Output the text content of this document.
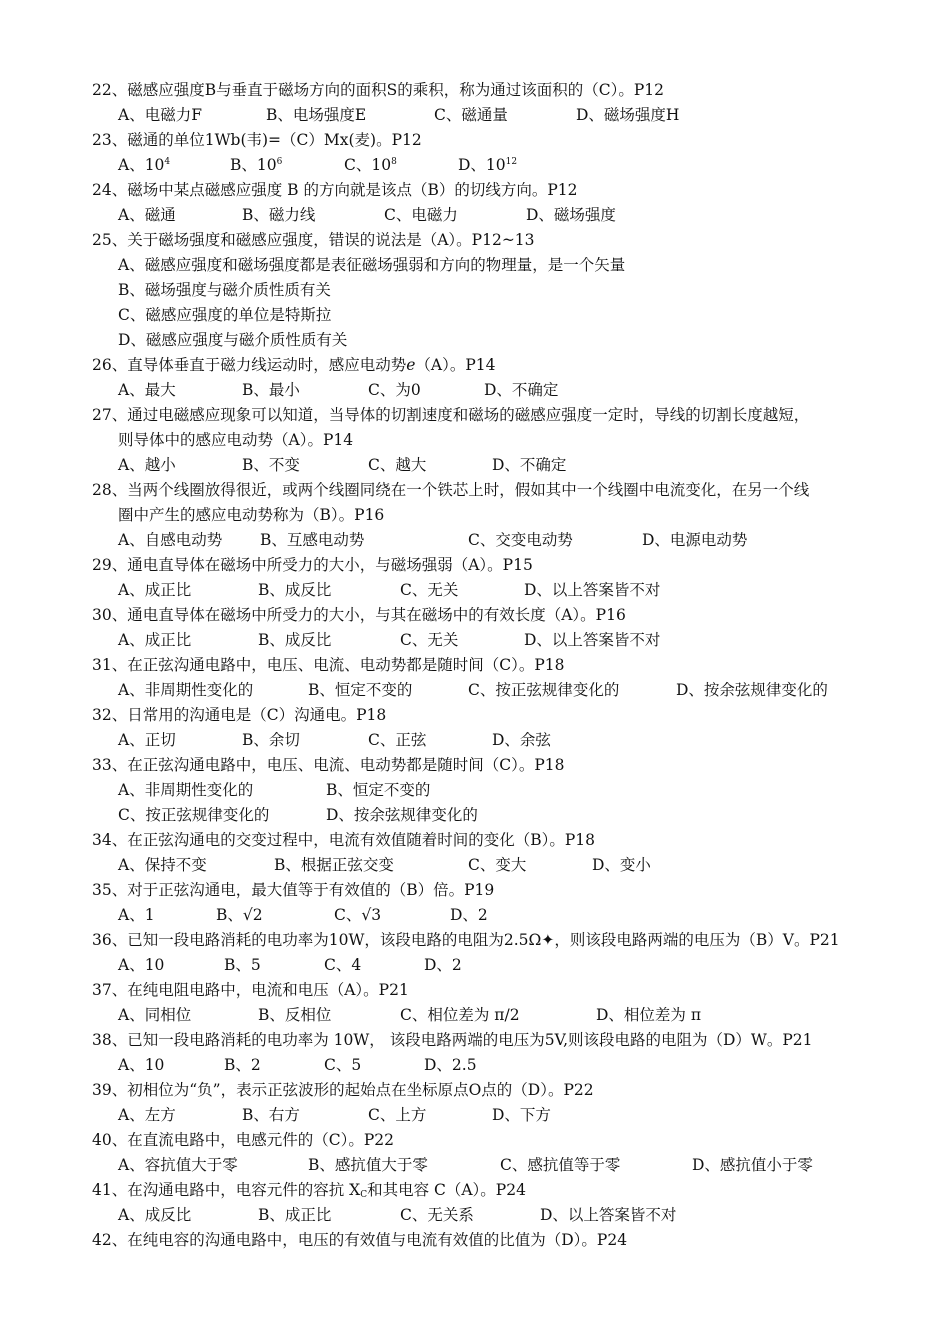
22、磁感应强度B与垂直于磁场方向的面积S的乘积，称为通过该面积的（C）。P12
A、电磁力F	B、电场强度E	C、磁通量	D、磁场强度H
23、磁通的单位1Wb(韦)=（C）Mx(麦)。P12
A、$10^4$	B、$10^6$	C、$10^8$	D、$10^{12}$
24、磁场中某点磁感应强度 B 的方向就是该点（B）的切线方向。P12
A、磁通	B、磁力线	C、电磁力	D、磁场强度
25、关于磁场强度和磁感应强度，错误的说法是（A）。P12~13
A、磁感应强度和磁场强度都是表征磁场强弱和方向的物理量，是一个矢量
B、磁场强度与磁介质性质有关
C、磁感应强度的单位是特斯拉
D、磁感应强度与磁介质性质有关
26、直导体垂直于磁力线运动时，感应电动势e（A）。P14
A、最大	B、最小	C、为0	D、不确定
27、通过电磁感应现象可以知道，当导体的切割速度和磁场的磁感应强度一定时，导线的切割长度越短，
则导体中的感应电动势（A）。P14
A、越小	B、不变	C、越大	D、不确定
28、当两个线圈放得很近，或两个线圈同绕在一个铁芯上时，假如其中一个线圈中电流变化，在另一个线
圈中产生的感应电动势称为（B）。P16
A、自感电动势 B、互感电动势	C、交变电动势	D、电源电动势
29、通电直导体在磁场中所受力的大小，与磁场强弱（A）。P15
A、成正比	B、成反比	C、无关	D、以上答案皆不对
30、通电直导体在磁场中所受力的大小，与其在磁场中的有效长度（A）。P16
A、成正比	B、成反比	C、无关	D、以上答案皆不对
31、在正弦沟通电路中，电压、电流、电动势都是随时间（C）。P18
A、非周期性变化的	B、恒定不变的	C、按正弦规律变化的	D、按余弦规律变化的
32、日常用的沟通电是（C）沟通电。P18
A、正切	B、余切	C、正弦	D、余弦
33、在正弦沟通电路中，电压、电流、电动势都是随时间（C）。P18
A、非周期性变化的	B、恒定不变的
C、按正弦规律变化的	D、按余弦规律变化的
34、在正弦沟通电的交变过程中，电流有效值随着时间的变化（B）。P18
A、保持不变	B、根据正弦交变	C、变大	D、变小
35、对于正弦沟通电，最大值等于有效值的（B）倍。P19
A、1	B、√2	C、√3	D、2
36、已知一段电路消耗的电功率为10W，该段电路的电阻为2.5Ω✦，则该段电路两端的电压为（B）V。P21
A、10	B、5	C、4	D、2
37、在纯电阻电路中，电流和电压（A）。P21
A、同相位	B、反相位	C、相位差为 π/2	D、相位差为 π
38、已知一段电路消耗的电功率为 10W， 该段电路两端的电压为5V,则该段电路的电阻为（D）W。P21
A、10	B、2	C、5	D、2.5
39、初相位为“负”，表示正弦波形的起始点在坐标原点O点的（D）。P22
A、左方	B、右方	C、上方	D、下方
40、在直流电路中，电感元件的（C）。P22
A、容抗值大于零	B、感抗值大于零	C、感抗值等于零	D、感抗值小于零
41、在沟通电路中，电容元件的容抗 $X_C$和其电容 C（A）。P24
A、成反比	B、成正比	C、无关系	D、以上答案皆不对
42、在纯电容的沟通电路中，电压的有效值与电流有效值的比值为（D）。P24
